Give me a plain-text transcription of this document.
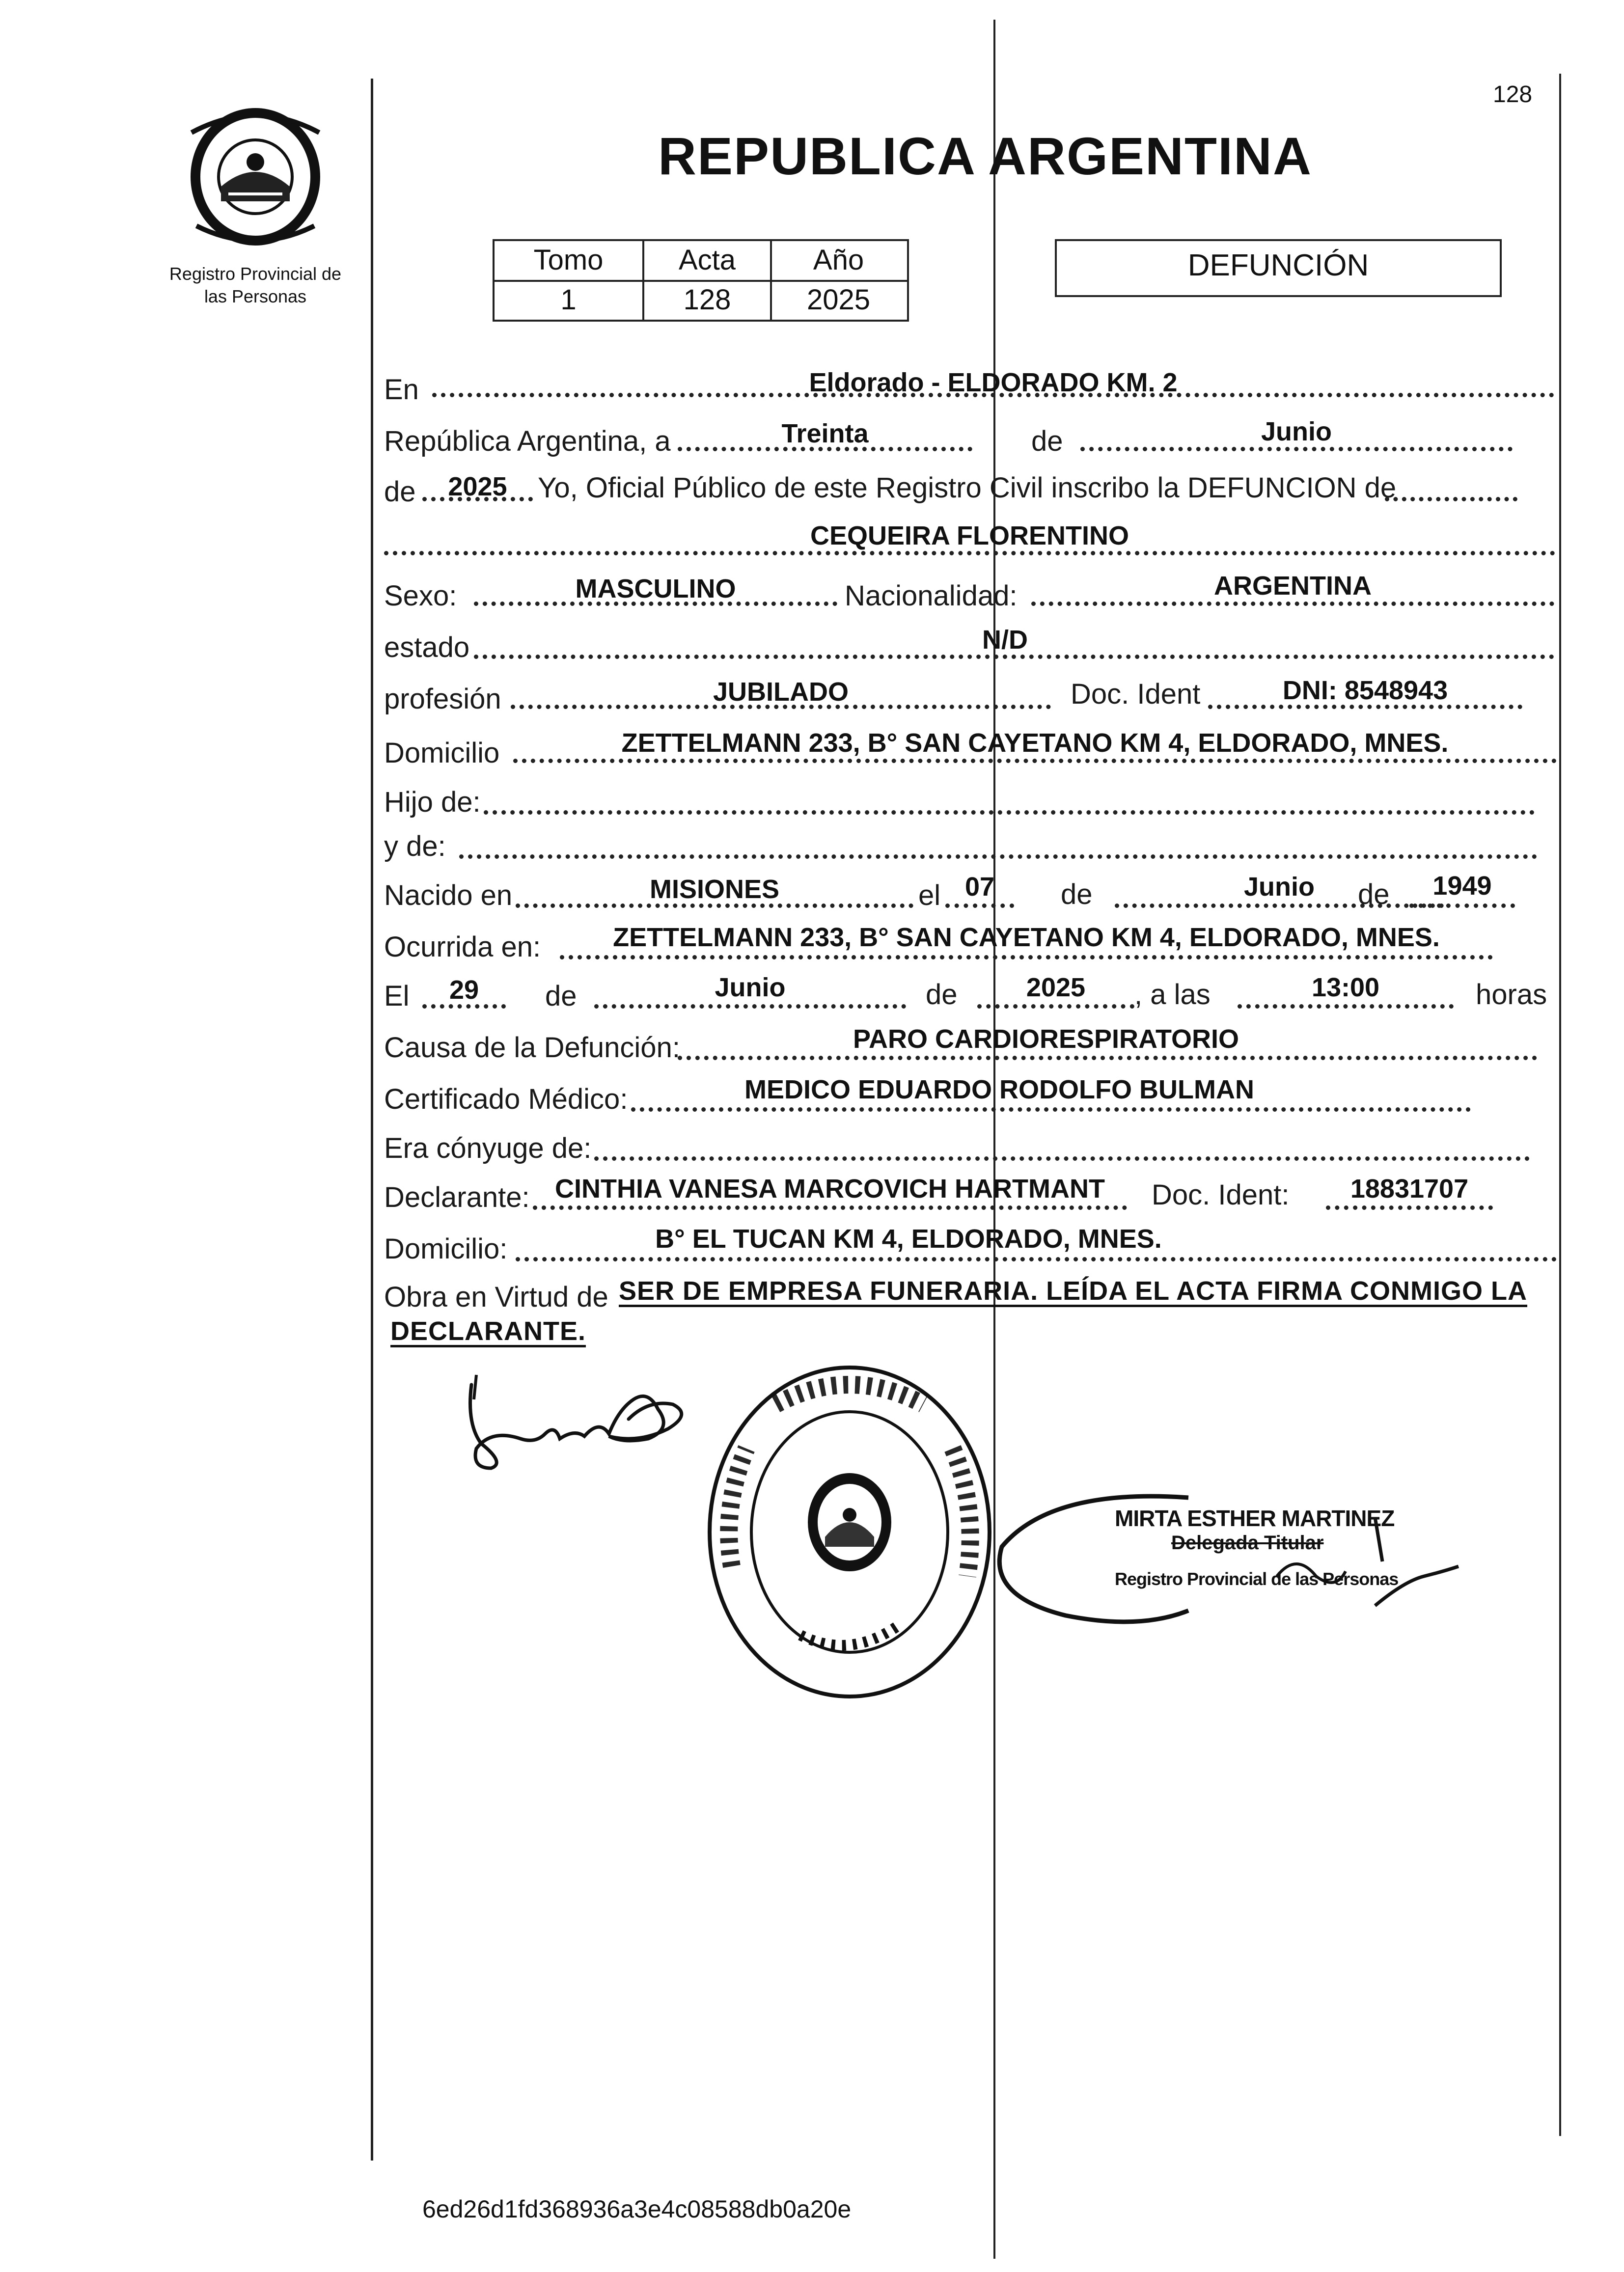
Registro Provincial de las Personas
128
REPUBLICA ARGENTINA
Tomo	Acta	Año
1	128	2025
DEFUNCIÓN
En	Eldorado - ELDORADO KM. 2
República Argentina, a	Treinta	de	Junio
de	2025	Yo, Oficial Público de este Registro Civil inscribo la DEFUNCION de
CEQUEIRA FLORENTINO
Sexo:	MASCULINO	Nacionalidad:	ARGENTINA
estado	N/D
profesión	JUBILADO	Doc. Ident	DNI: 8548943
Domicilio	ZETTELMANN 233, B° SAN CAYETANO KM 4, ELDORADO, MNES.
Hijo de:
y de:
Nacido en	MISIONES	el 07	de	Junio	de	1949
Ocurrida en:	ZETTELMANN 233, B° SAN CAYETANO KM 4, ELDORADO, MNES.
El	29	de	Junio	de	2025	, a las	13:00	horas
Causa de la Defunción:	PARO CARDIORESPIRATORIO
Certificado Médico:	MEDICO EDUARDO RODOLFO BULMAN
Era cónyuge de:
Declarante: CINTHIA VANESA MARCOVICH HARTMANT	Doc. Ident:	18831707
Domicilio:	B° EL TUCAN KM 4, ELDORADO, MNES.
Obra en Virtud de SER DE EMPRESA FUNERARIA. LEÍDA EL ACTA FIRMA CONMIGO LA
DECLARANTE.
MIRTA ESTHER MARTINEZ
Delegada Titular
Registro Provincial de las Personas
6ed26d1fd368936a3e4c08588db0a20e
